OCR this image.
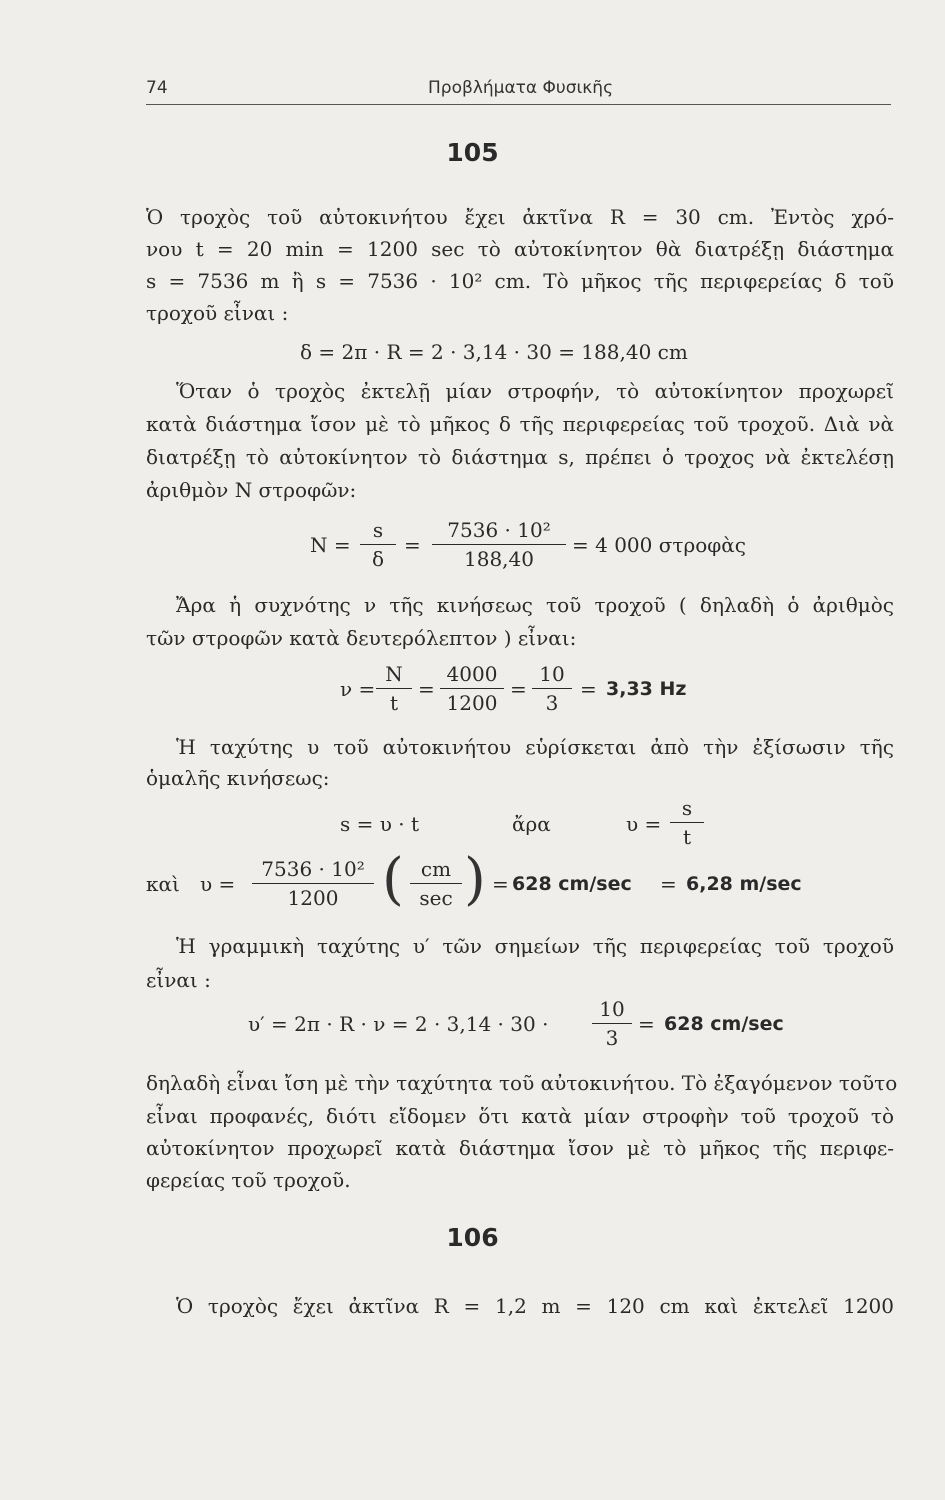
74	Προβλήματα Φυσικῆς
105
Ὁ τροχὸς τοῦ αὐτοκινήτου ἔχει ἀκτῖνα R = 30 cm. Ἐντὸς χρό-
νου t = 20 min = 1200 sec τὸ αὐτοκίνητον θὰ διατρέξῃ διάστημα
s = 7536 m ἢ s = 7536 · 10² cm. Τὸ μῆκος τῆς περιφερείας δ τοῦ
τροχοῦ εἶναι :
δ = 2π · R = 2 · 3,14 · 30 = 188,40 cm
Ὅταν ὁ τροχὸς ἐκτελῇ μίαν στροφήν, τὸ αὐτοκίνητον προχωρεῖ
κατὰ διάστημα ἴσον μὲ τὸ μῆκος δ τῆς περιφερείας τοῦ τροχοῦ. Διὰ νὰ
διατρέξῃ τὸ αὐτοκίνητον τὸ διάστημα s, πρέπει ὁ τροχος νὰ ἐκτελέσῃ
ἀριθμὸν N στροφῶν:
$N = \frac{s}{\delta} = \frac{\text{7536 · 10²}}{188,40} = 4$ 000 στροφὰς
Ἄρα ἡ συχνότης ν τῆς κινήσεως τοῦ τροχοῦ ( δηλαδὴ ὁ ἀριθμὸς
τῶν στροφῶν κατὰ δευτερόλεπτον ) εἶναι:
$\nu = \frac{N}{t} = \frac{4000}{1200} = \frac{10}{3} = 3,33$ Hz
Ἡ ταχύτης υ τοῦ αὐτοκινήτου εὑρίσκεται ἀπὸ τὴν ἐξίσωσιν τῆς
ὁμαλῆς κινήσεως:
s = υ · t	ἄρα	$\upsilon = \frac{s}{t}$
καὶ $\upsilon = \frac{\text{7536 · 10²}}{1200}$ ( cm
sec ) = 628 cm/sec = 6,28 m/sec
Ἡ γραμμικὴ ταχύτης υ′ τῶν σημείων τῆς περιφερείας τοῦ τροχοῦ
εἶναι :
$\upsilon' = 2\pi \cdot R \cdot \nu = 2 \cdot 3,14 \cdot 30 \cdot \frac{10}{3} = 628$ cm/sec
δηλαδὴ εἶναι ἴση μὲ τὴν ταχύτητα τοῦ αὐτοκινήτου. Τὸ ἐξαγόμενον τοῦτο
εἶναι προφανές, διότι εἴδομεν ὅτι κατὰ μίαν στροφὴν τοῦ τροχοῦ τὸ
αὐτοκίνητον προχωρεῖ κατὰ διάστημα ἴσον μὲ τὸ μῆκος τῆς περιφε-
φερείας τοῦ τροχοῦ.
106
Ὁ τροχὸς ἔχει ἀκτῖνα R = 1,2 m = 120 cm καὶ ἐκτελεῖ 1200
